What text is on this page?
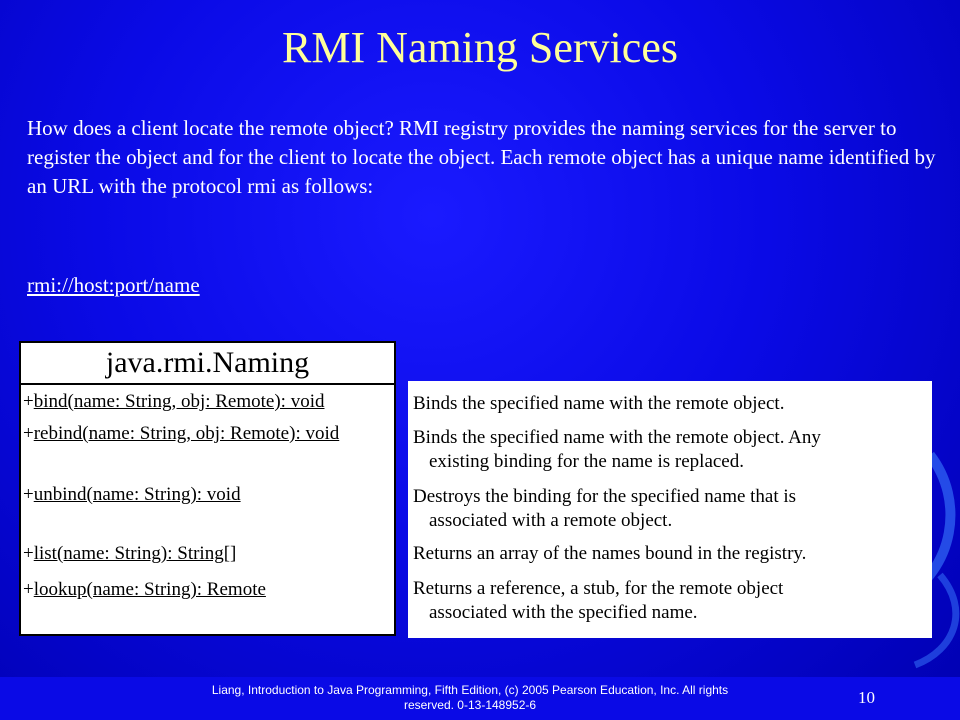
RMI Naming Services

How does a client locate the remote object? RMI registry provides the naming services for the server to register the object and for the client to locate the object. Each remote object has a unique name identified by an URL with the protocol rmi as follows:

rmi://host:port/name
java.rmi.Naming
+bind(name: String, obj: Remote): void
+rebind(name: String, obj: Remote): void
+unbind(name: String): void
+list(name: String): String[]
+lookup(name: String): Remote
Binds the specified name with the remote object.
Binds the specified name with the remote object. Any
existing binding for the name is replaced.
Destroys the binding for the specified name that is
associated with a remote object.
Returns an array of the names bound in the registry.
Returns a reference, a stub, for the remote object
associated with the specified name.
Liang, Introduction to Java Programming, Fifth Edition, (c) 2005 Pearson Education, Inc. All rights reserved. 0-13-148952-6	10
